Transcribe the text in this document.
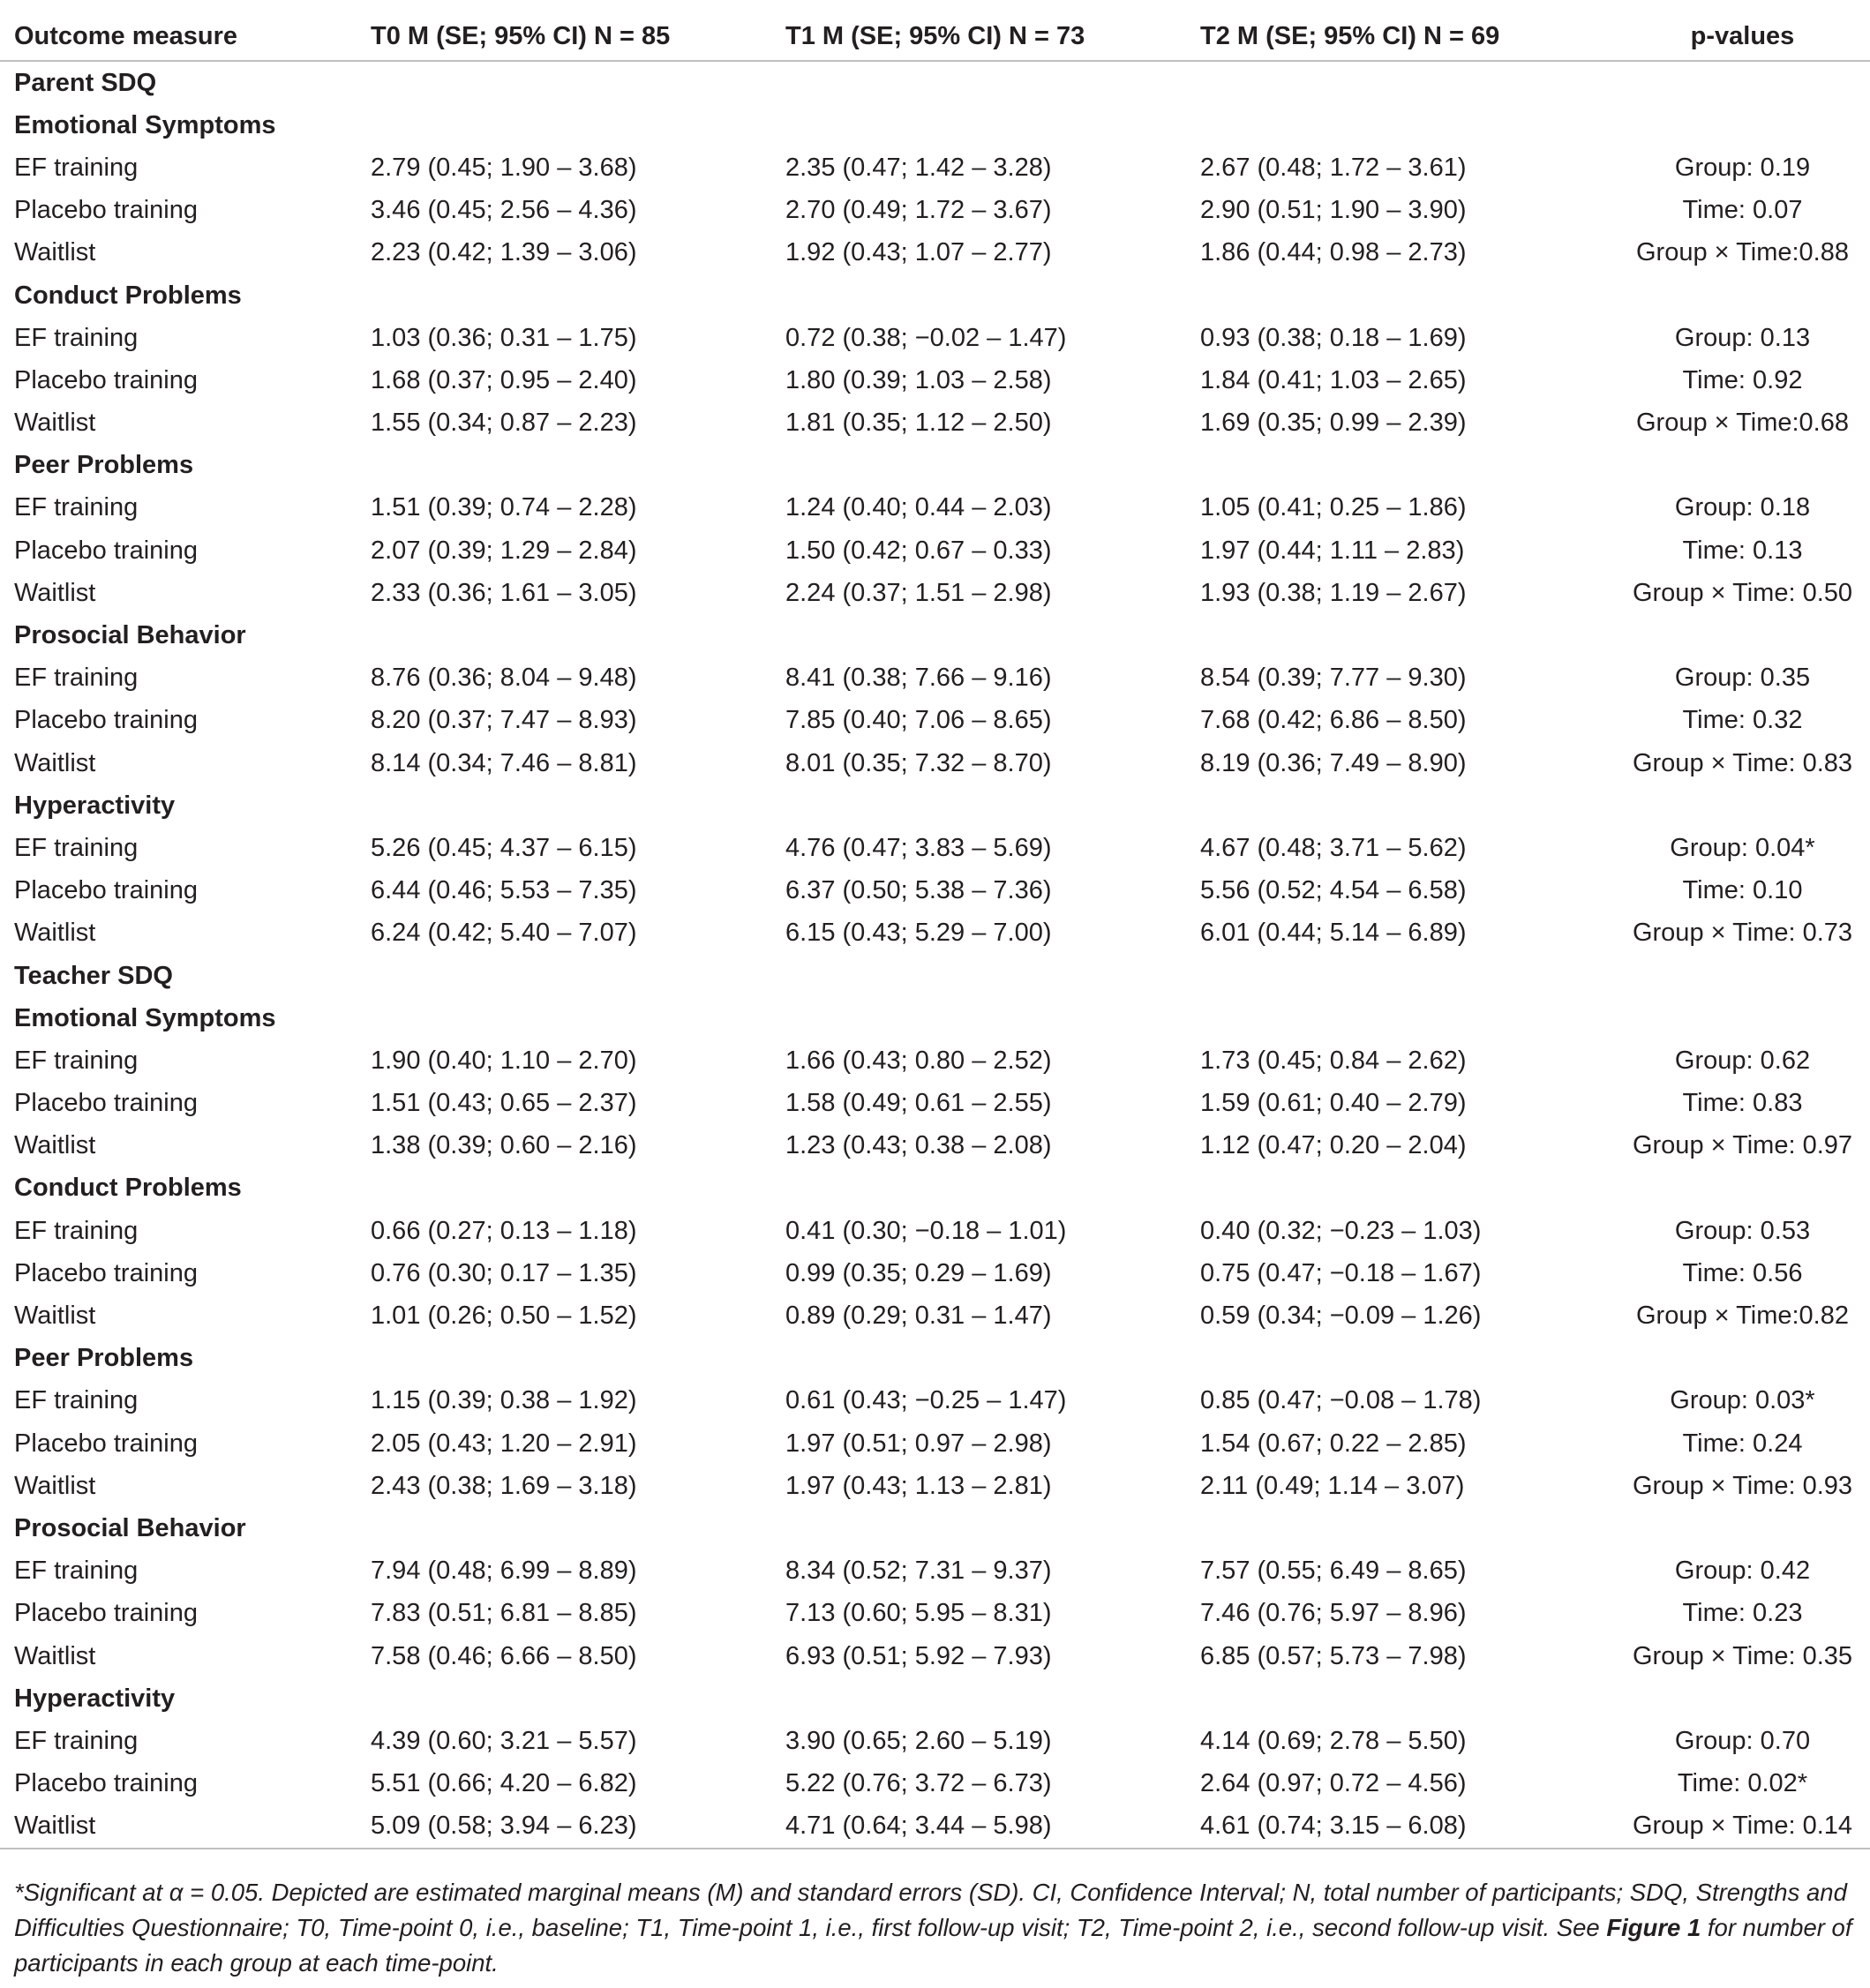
Outcome measure	T0 M (SE; 95% CI) N = 85	T1 M (SE; 95% CI) N = 73	T2 M (SE; 95% CI) N = 69	p-values
Parent SDQ				
Emotional Symptoms				
EF training	2.79 (0.45; 1.90 – 3.68)	2.35 (0.47; 1.42 – 3.28)	2.67 (0.48; 1.72 – 3.61)	Group: 0.19
Placebo training	3.46 (0.45; 2.56 – 4.36)	2.70 (0.49; 1.72 – 3.67)	2.90 (0.51; 1.90 – 3.90)	Time: 0.07
Waitlist	2.23 (0.42; 1.39 – 3.06)	1.92 (0.43; 1.07 – 2.77)	1.86 (0.44; 0.98 – 2.73)	Group × Time:0.88
Conduct Problems				
EF training	1.03 (0.36; 0.31 – 1.75)	0.72 (0.38; −0.02 – 1.47)	0.93 (0.38; 0.18 – 1.69)	Group: 0.13
Placebo training	1.68 (0.37; 0.95 – 2.40)	1.80 (0.39; 1.03 – 2.58)	1.84 (0.41; 1.03 – 2.65)	Time: 0.92
Waitlist	1.55 (0.34; 0.87 – 2.23)	1.81 (0.35; 1.12 – 2.50)	1.69 (0.35; 0.99 – 2.39)	Group × Time:0.68
Peer Problems				
EF training	1.51 (0.39; 0.74 – 2.28)	1.24 (0.40; 0.44 – 2.03)	1.05 (0.41; 0.25 – 1.86)	Group: 0.18
Placebo training	2.07 (0.39; 1.29 – 2.84)	1.50 (0.42; 0.67 – 0.33)	1.97 (0.44; 1.11 – 2.83)	Time: 0.13
Waitlist	2.33 (0.36; 1.61 – 3.05)	2.24 (0.37; 1.51 – 2.98)	1.93 (0.38; 1.19 – 2.67)	Group × Time: 0.50
Prosocial Behavior				
EF training	8.76 (0.36; 8.04 – 9.48)	8.41 (0.38; 7.66 – 9.16)	8.54 (0.39; 7.77 – 9.30)	Group: 0.35
Placebo training	8.20 (0.37; 7.47 – 8.93)	7.85 (0.40; 7.06 – 8.65)	7.68 (0.42; 6.86 – 8.50)	Time: 0.32
Waitlist	8.14 (0.34; 7.46 – 8.81)	8.01 (0.35; 7.32 – 8.70)	8.19 (0.36; 7.49 – 8.90)	Group × Time: 0.83
Hyperactivity				
EF training	5.26 (0.45; 4.37 – 6.15)	4.76 (0.47; 3.83 – 5.69)	4.67 (0.48; 3.71 – 5.62)	Group: 0.04*
Placebo training	6.44 (0.46; 5.53 – 7.35)	6.37 (0.50; 5.38 – 7.36)	5.56 (0.52; 4.54 – 6.58)	Time: 0.10
Waitlist	6.24 (0.42; 5.40 – 7.07)	6.15 (0.43; 5.29 – 7.00)	6.01 (0.44; 5.14 – 6.89)	Group × Time: 0.73
Teacher SDQ				
Emotional Symptoms				
EF training	1.90 (0.40; 1.10 – 2.70)	1.66 (0.43; 0.80 – 2.52)	1.73 (0.45; 0.84 – 2.62)	Group: 0.62
Placebo training	1.51 (0.43; 0.65 – 2.37)	1.58 (0.49; 0.61 – 2.55)	1.59 (0.61; 0.40 – 2.79)	Time: 0.83
Waitlist	1.38 (0.39; 0.60 – 2.16)	1.23 (0.43; 0.38 – 2.08)	1.12 (0.47; 0.20 – 2.04)	Group × Time: 0.97
Conduct Problems				
EF training	0.66 (0.27; 0.13 – 1.18)	0.41 (0.30; −0.18 – 1.01)	0.40 (0.32; −0.23 – 1.03)	Group: 0.53
Placebo training	0.76 (0.30; 0.17 – 1.35)	0.99 (0.35; 0.29 – 1.69)	0.75 (0.47; −0.18 – 1.67)	Time: 0.56
Waitlist	1.01 (0.26; 0.50 – 1.52)	0.89 (0.29; 0.31 – 1.47)	0.59 (0.34; −0.09 – 1.26)	Group × Time:0.82
Peer Problems				
EF training	1.15 (0.39; 0.38 – 1.92)	0.61 (0.43; −0.25 – 1.47)	0.85 (0.47; −0.08 – 1.78)	Group: 0.03*
Placebo training	2.05 (0.43; 1.20 – 2.91)	1.97 (0.51; 0.97 – 2.98)	1.54 (0.67; 0.22 – 2.85)	Time: 0.24
Waitlist	2.43 (0.38; 1.69 – 3.18)	1.97 (0.43; 1.13 – 2.81)	2.11 (0.49; 1.14 – 3.07)	Group × Time: 0.93
Prosocial Behavior				
EF training	7.94 (0.48; 6.99 – 8.89)	8.34 (0.52; 7.31 – 9.37)	7.57 (0.55; 6.49 – 8.65)	Group: 0.42
Placebo training	7.83 (0.51; 6.81 – 8.85)	7.13 (0.60; 5.95 – 8.31)	7.46 (0.76; 5.97 – 8.96)	Time: 0.23
Waitlist	7.58 (0.46; 6.66 – 8.50)	6.93 (0.51; 5.92 – 7.93)	6.85 (0.57; 5.73 – 7.98)	Group × Time: 0.35
Hyperactivity				
EF training	4.39 (0.60; 3.21 – 5.57)	3.90 (0.65; 2.60 – 5.19)	4.14 (0.69; 2.78 – 5.50)	Group: 0.70
Placebo training	5.51 (0.66; 4.20 – 6.82)	5.22 (0.76; 3.72 – 6.73)	2.64 (0.97; 0.72 – 4.56)	Time: 0.02*
Waitlist	5.09 (0.58; 3.94 – 6.23)	4.71 (0.64; 3.44 – 5.98)	4.61 (0.74; 3.15 – 6.08)	Group × Time: 0.14
*Significant at α = 0.05. Depicted are estimated marginal means (M) and standard errors (SD). CI, Confidence Interval; N, total number of participants; SDQ, Strengths and Difficulties Questionnaire; T0, Time-point 0, i.e., baseline; T1, Time-point 1, i.e., first follow-up visit; T2, Time-point 2, i.e., second follow-up visit. See Figure 1 for number of participants in each group at each time-point.
